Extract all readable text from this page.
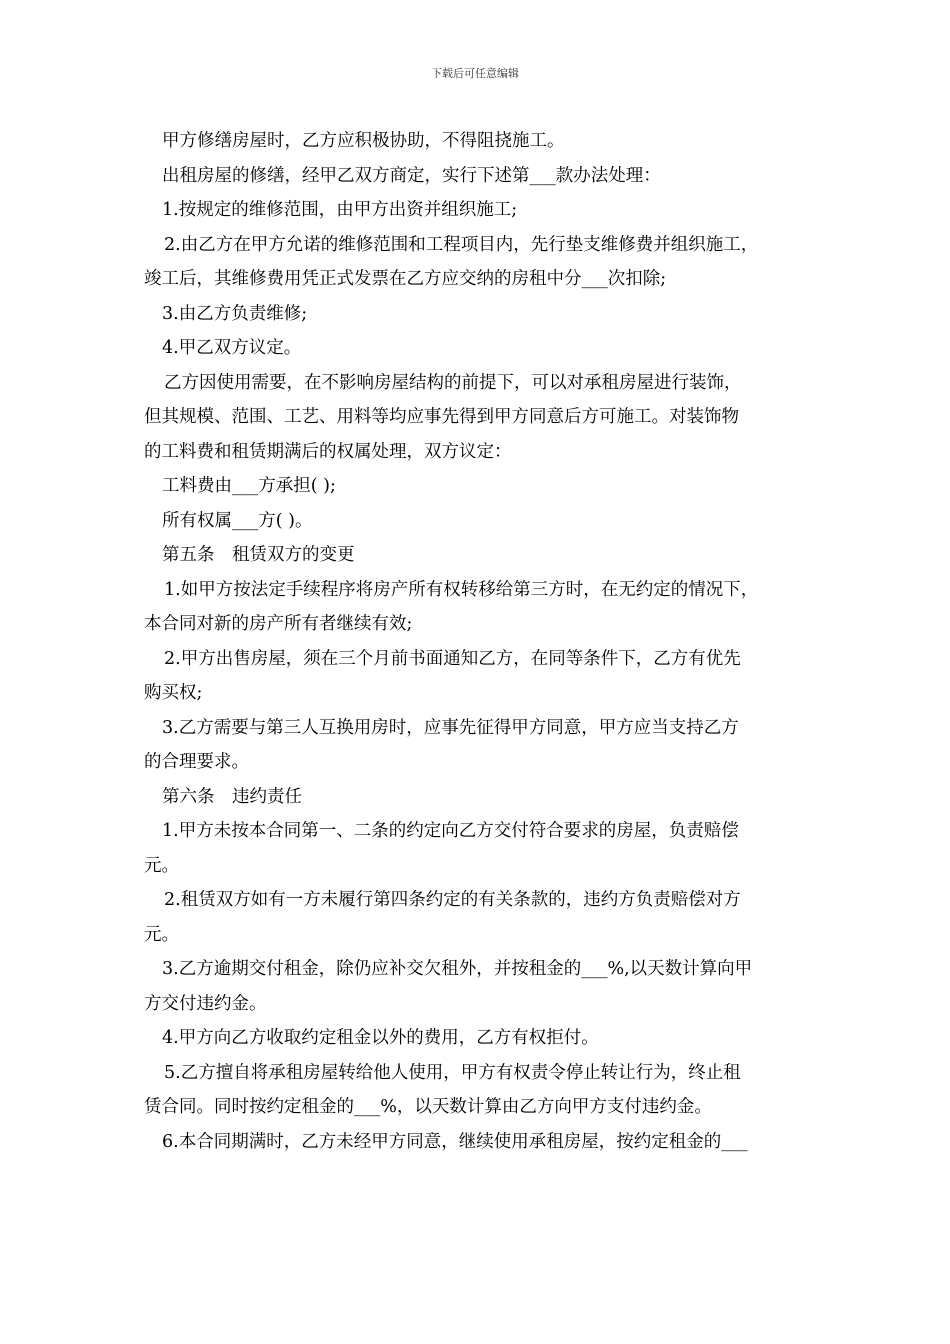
下载后可任意编辑
甲方修缮房屋时，乙方应积极协助，不得阻挠施工。
出租房屋的修缮，经甲乙双方商定，实行下述第___款办法处理：
1.按规定的维修范围，由甲方出资并组织施工;
2.由乙方在甲方允诺的维修范围和工程项目内，先行垫支维修费并组织施工，
竣工后，其维修费用凭正式发票在乙方应交纳的房租中分___次扣除;
3.由乙方负责维修;
4.甲乙双方议定。
乙方因使用需要，在不影响房屋结构的前提下，可以对承租房屋进行装饰，
但其规模、范围、工艺、用料等均应事先得到甲方同意后方可施工。对装饰物
的工料费和租赁期满后的权属处理，双方议定：
工料费由___方承担( );
所有权属___方( )。
第五条　租赁双方的变更
1.如甲方按法定手续程序将房产所有权转移给第三方时，在无约定的情况下，
本合同对新的房产所有者继续有效;
2.甲方出售房屋，须在三个月前书面通知乙方，在同等条件下，乙方有优先
购买权;
3.乙方需要与第三人互换用房时，应事先征得甲方同意，甲方应当支持乙方
的合理要求。
第六条　违约责任
1.甲方未按本合同第一、二条的约定向乙方交付符合要求的房屋，负责赔偿
元。
2.租赁双方如有一方未履行第四条约定的有关条款的，违约方负责赔偿对方
元。
3.乙方逾期交付租金，除仍应补交欠租外，并按租金的___%,以天数计算向甲
方交付违约金。
4.甲方向乙方收取约定租金以外的费用，乙方有权拒付。
5.乙方擅自将承租房屋转给他人使用，甲方有权责令停止转让行为，终止租
赁合同。同时按约定租金的___%，以天数计算由乙方向甲方支付违约金。
6.本合同期满时，乙方未经甲方同意，继续使用承租房屋，按约定租金的___
